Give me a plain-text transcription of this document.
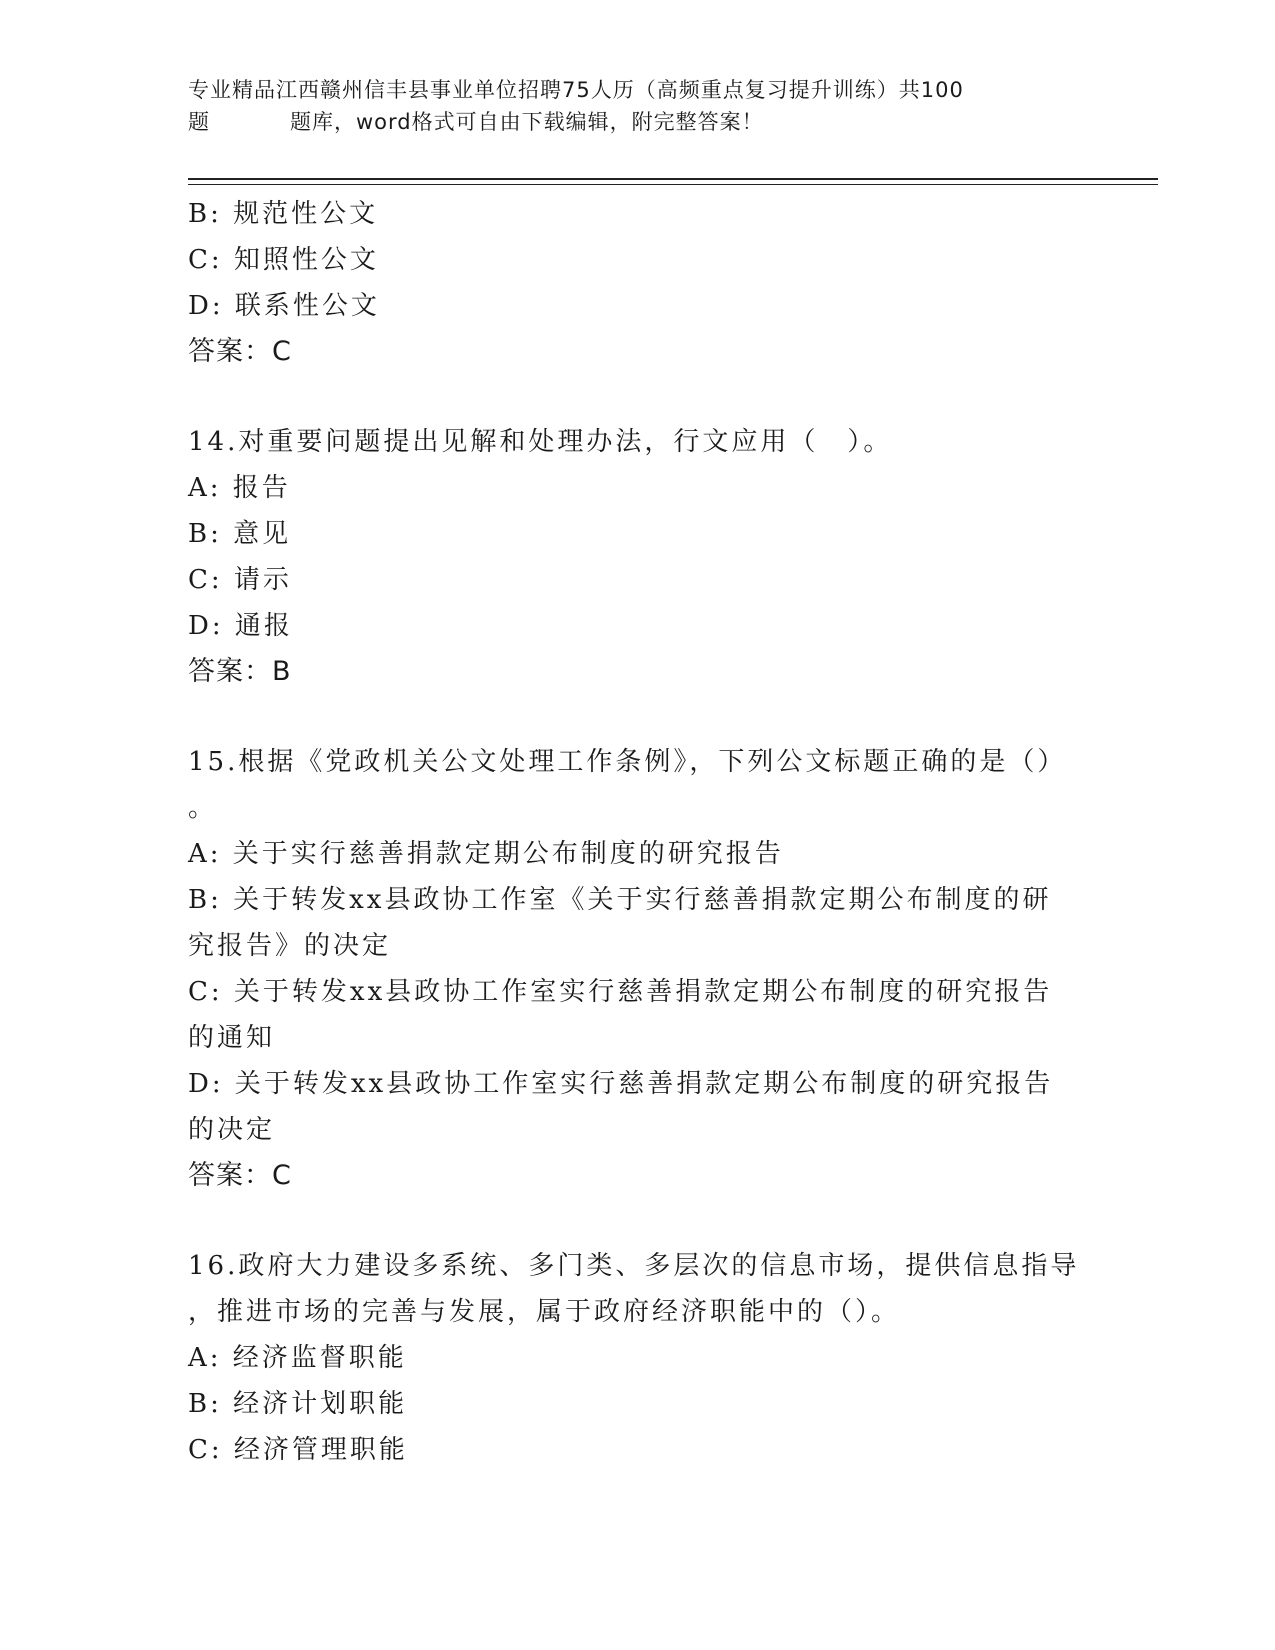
专业精品江西赣州信丰县事业单位招聘75人历（高频重点复习提升训练）共100
题	题库，word格式可自由下载编辑，附完整答案！
B: 规范性公文
C: 知照性公文
D: 联系性公文
答案：C
14.对重要问题提出见解和处理办法，行文应用（　）。
A: 报告
B: 意见
C: 请示
D: 通报
答案：B
15.根据《党政机关公文处理工作条例》，下列公文标题正确的是（）
。
A: 关于实行慈善捐款定期公布制度的研究报告
B: 关于转发xx县政协工作室《关于实行慈善捐款定期公布制度的研
究报告》的决定
C: 关于转发xx县政协工作室实行慈善捐款定期公布制度的研究报告
的通知
D: 关于转发xx县政协工作室实行慈善捐款定期公布制度的研究报告
的决定
答案：C
16.政府大力建设多系统、多门类、多层次的信息市场，提供信息指导
，推进市场的完善与发展，属于政府经济职能中的（）。
A: 经济监督职能
B: 经济计划职能
C: 经济管理职能
